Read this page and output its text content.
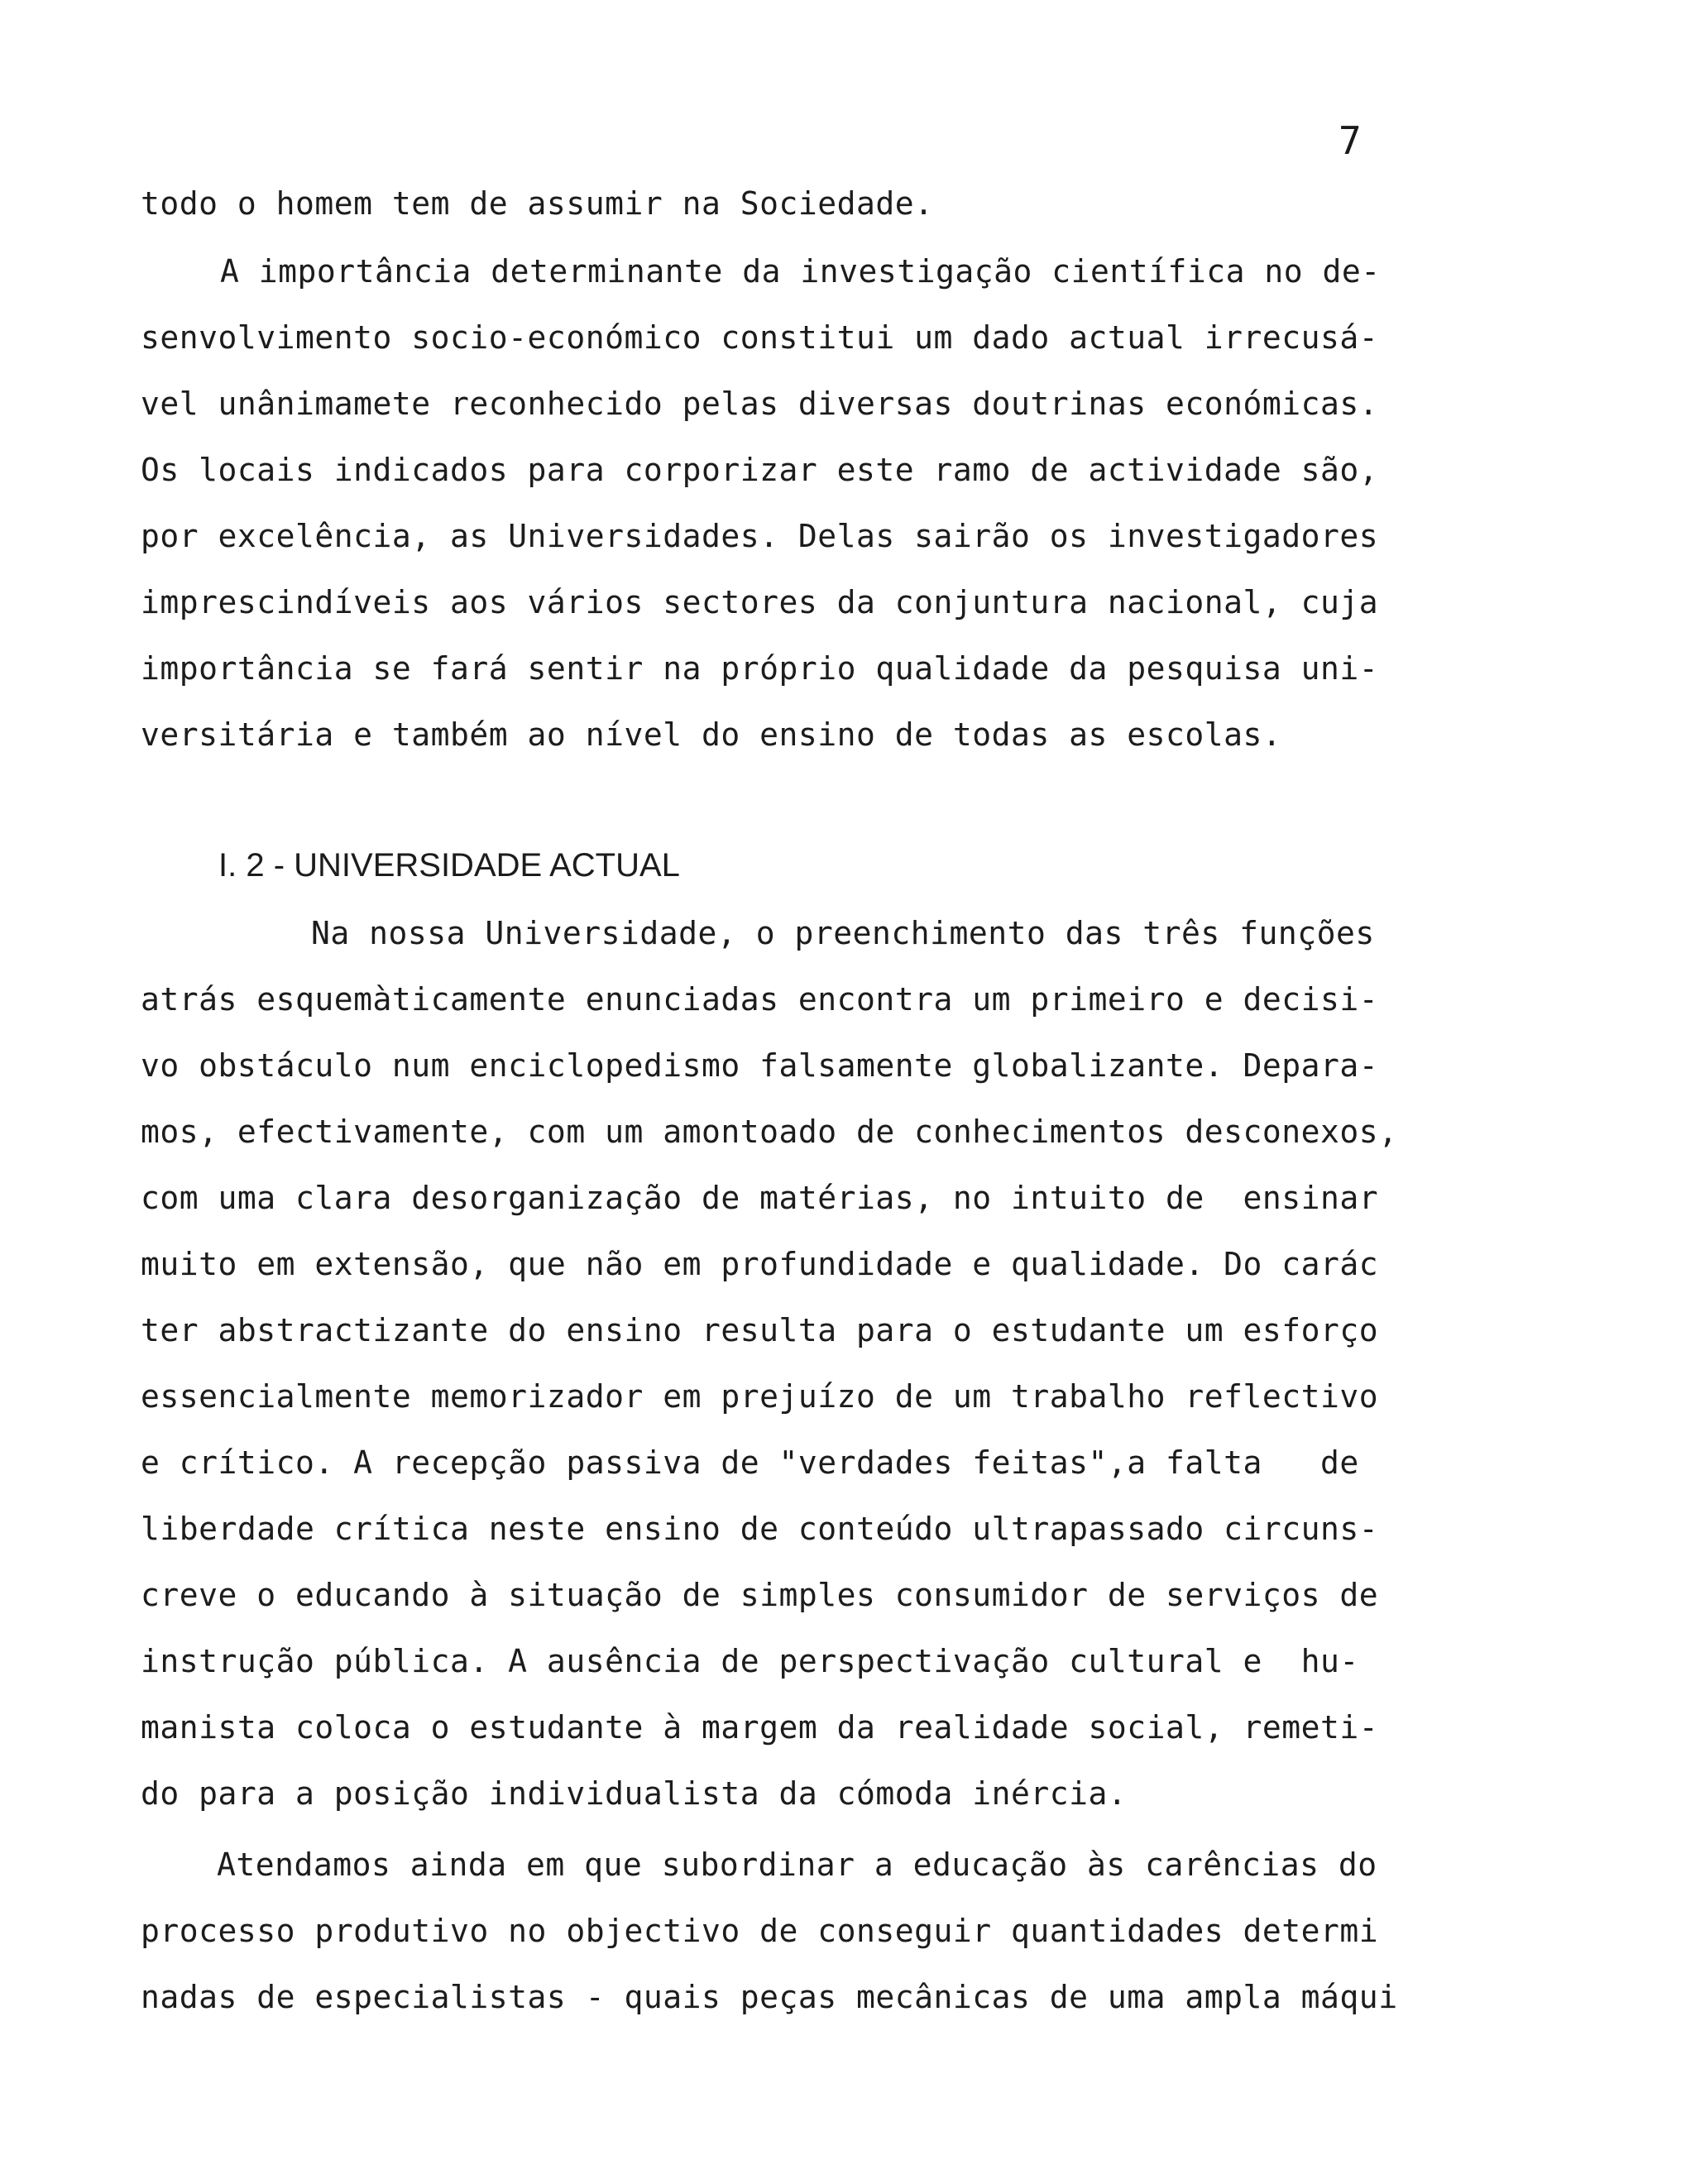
7
todo o homem tem de assumir na Sociedade.
A importância determinante da investigação científica no de-
senvolvimento socio-económico constitui um dado actual irrecusá-
vel unânimamete reconhecido pelas diversas doutrinas económicas.
Os locais indicados para corporizar este ramo de actividade são,
por excelência, as Universidades. Delas sairão os investigadores
imprescindíveis aos vários sectores da conjuntura nacional, cuja
importância se fará sentir na próprio qualidade da pesquisa uni-
versitária e também ao nível do ensino de todas as escolas.
I. 2 - UNIVERSIDADE ACTUAL
Na nossa Universidade, o preenchimento das três funções
atrás esquemàticamente enunciadas encontra um primeiro e decisi-
vo obstáculo num enciclopedismo falsamente globalizante. Depara-
mos, efectivamente, com um amontoado de conhecimentos desconexos,
com uma clara desorganização de matérias, no intuito de  ensinar
muito em extensão, que não em profundidade e qualidade. Do carác
ter abstractizante do ensino resulta para o estudante um esforço
essencialmente memorizador em prejuízo de um trabalho reflectivo
e crítico. A recepção passiva de "verdades feitas",a falta   de
liberdade crítica neste ensino de conteúdo ultrapassado circuns-
creve o educando à situação de simples consumidor de serviços de
instrução pública. A ausência de perspectivação cultural e  hu-
manista coloca o estudante à margem da realidade social, remeti-
do para a posição individualista da cómoda inércia.
Atendamos ainda em que subordinar a educação às carências do
processo produtivo no objectivo de conseguir quantidades determi
nadas de especialistas - quais peças mecânicas de uma ampla máqui
